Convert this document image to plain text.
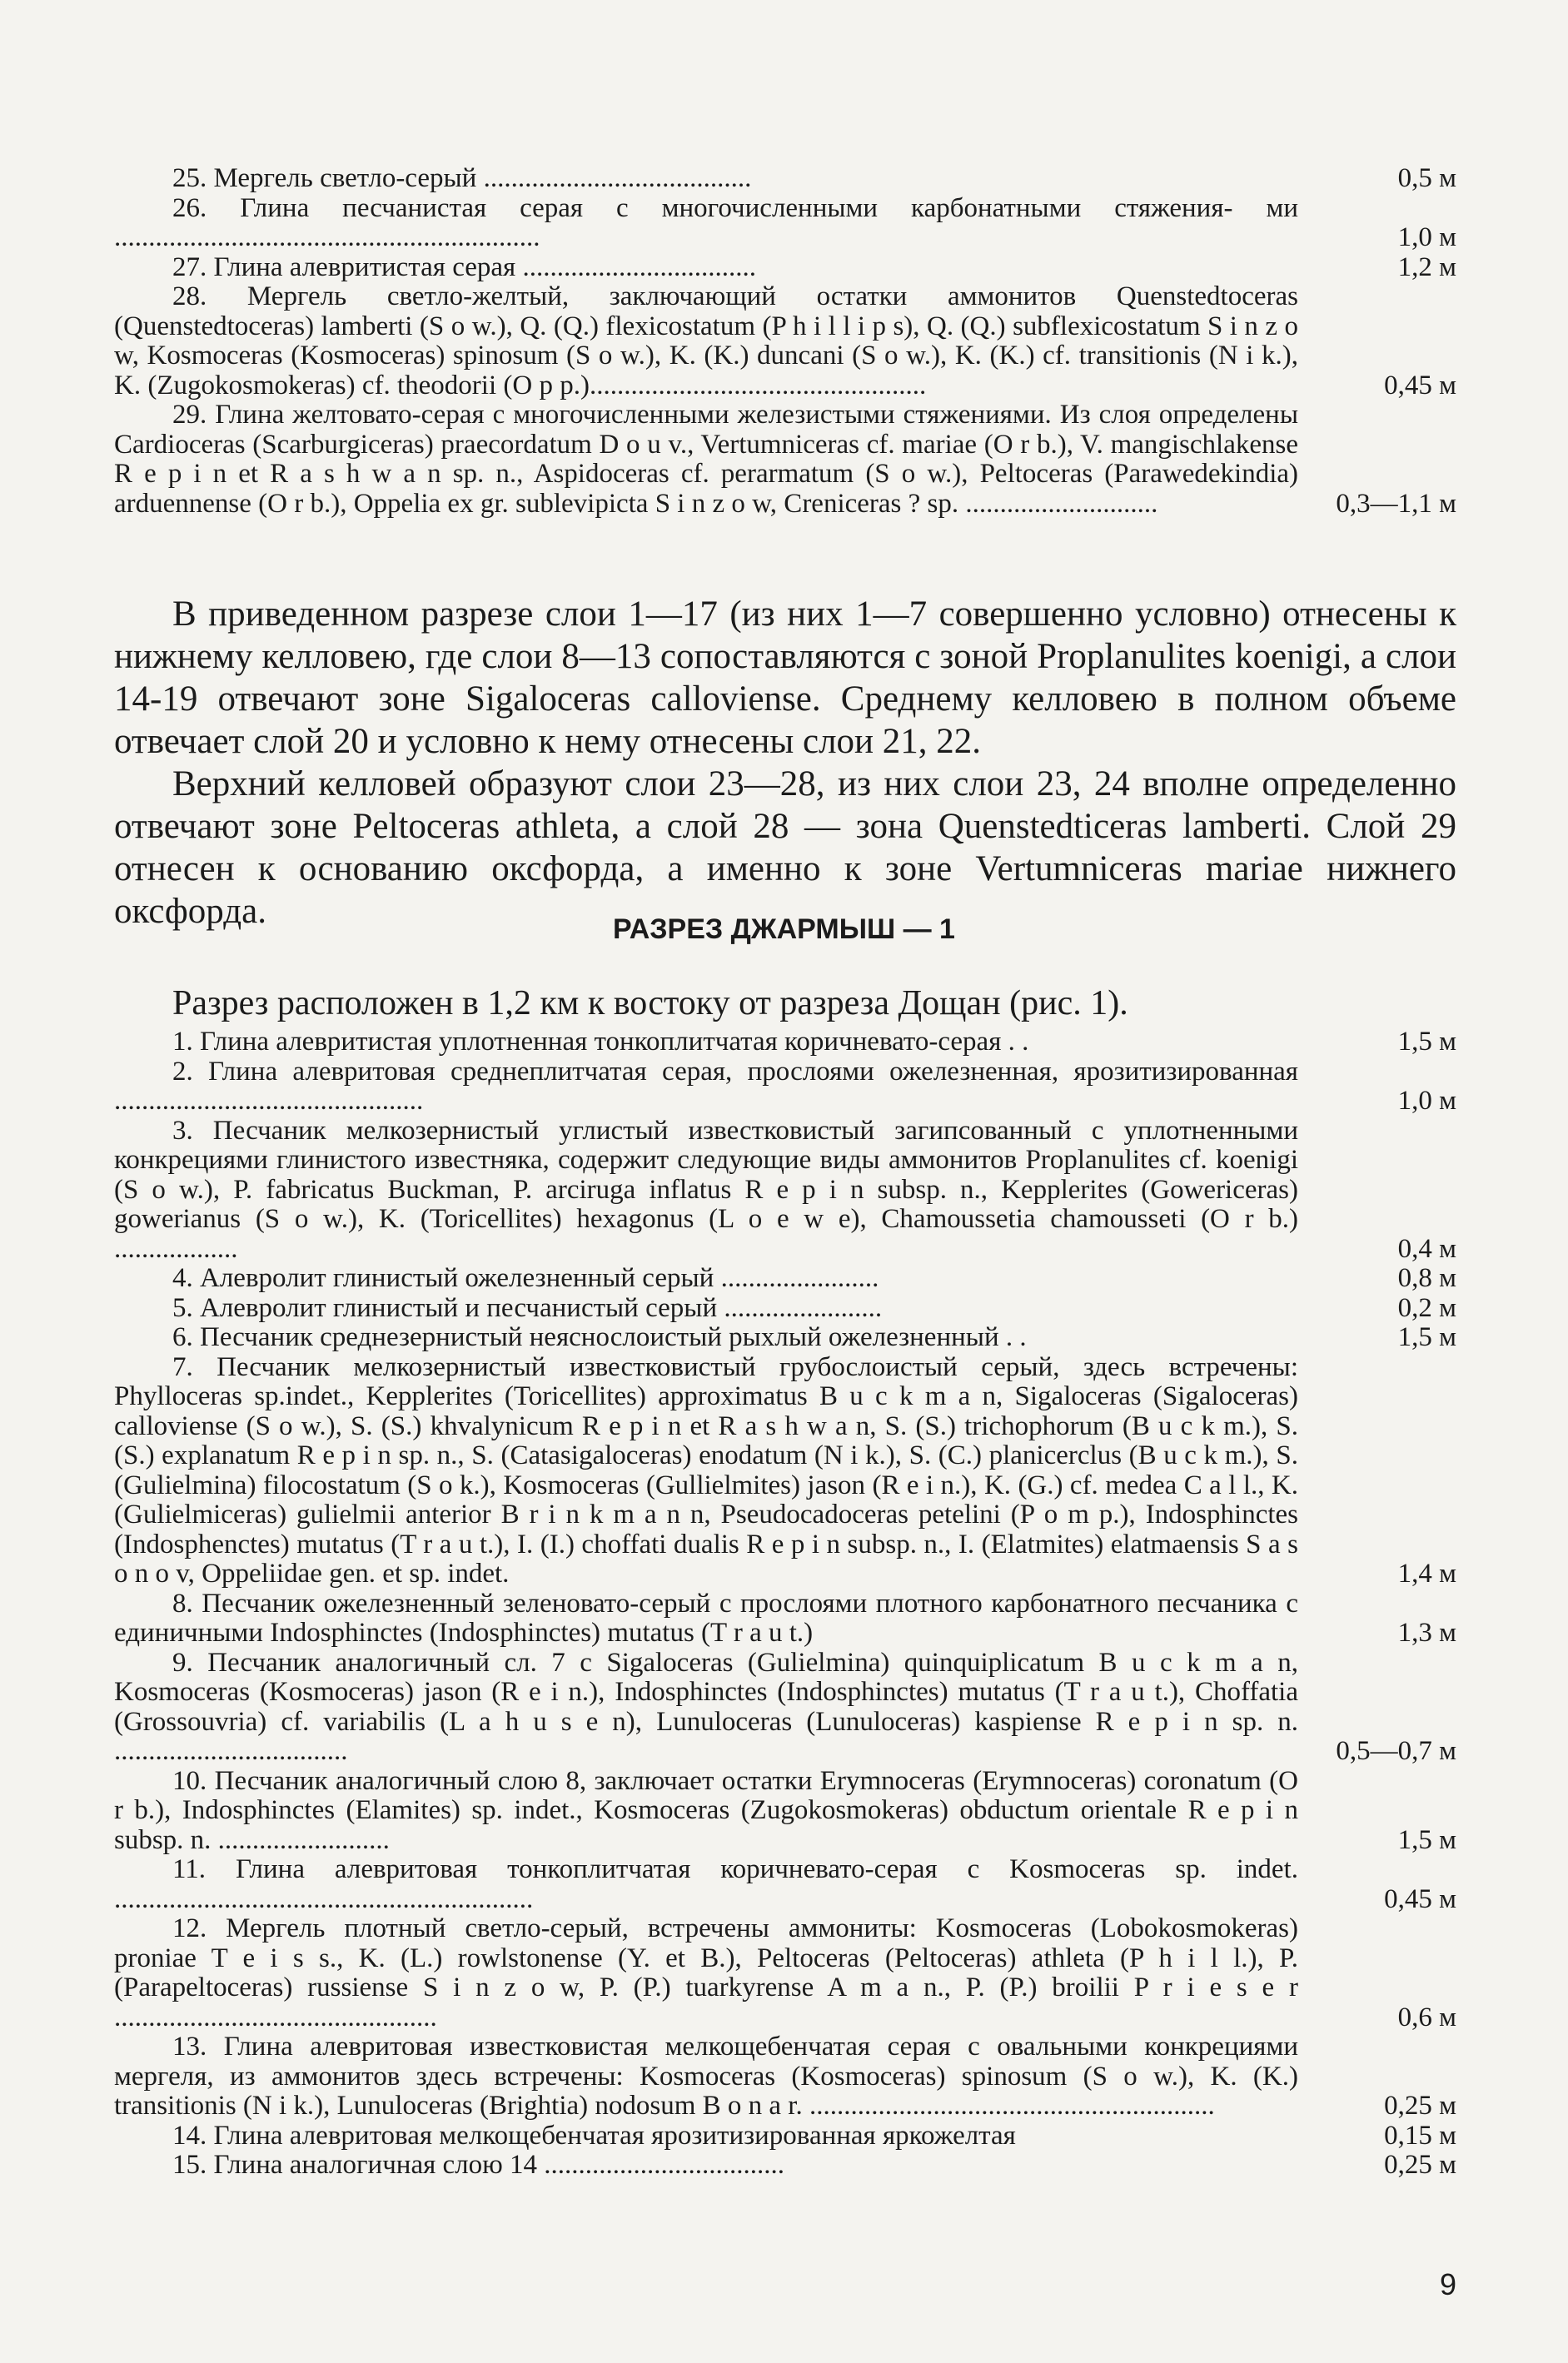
25. Мергель светло-серый .......................................	0,5 м
26. Глина песчанистая серая с многочисленными карбонатными стяжения- ми ..............................................................	1,0 м
27. Глина алевритистая серая ..................................	1,2 м
28. Мергель светло-желтый, заключающий остатки аммонитов Quenstedtoceras (Quenstedtoceras) lamberti (S o w.), Q. (Q.) flexicostatum (P h i l l i p s), Q. (Q.) subflexicostatum S i n z o w, Kosmoceras (Kosmoceras) spinosum (S o w.), K. (K.) duncani (S o w.), K. (K.) cf. transitionis (N i k.), K. (Zugokosmokeras) cf. theodorii (O p p.).................................................	0,45 м
29. Глина желтовато-серая с многочисленными железистыми стяжениями. Из слоя определены Cardioceras (Scarburgiceras) praecordatum D o u v., Vertumniceras cf. mariae (O r b.), V. mangischlakense R e p i n et R a s h w a n sp. n., Aspidoceras cf. perarmatum (S o w.), Peltoceras (Parawedekindia) arduennense (O r b.), Oppelia ex gr. sublevipicta S i n z o w, Creniceras ? sp. ............................	0,3—1,1 м

В приведенном разрезе слои 1—17 (из них 1—7 совершенно условно) отнесены к нижнему келловею, где слои 8—13 сопоставляются с зоной Proplanulites koenigi, а слои 14-19 отвечают зоне Sigaloceras calloviense. Среднему келловею в полном объеме отвечает слой 20 и условно к нему отнесены слои 21, 22.

Верхний келловей образуют слои 23—28, из них слои 23, 24 вполне определенно отвечают зоне Peltoceras athleta, а слой 28 — зона Quenstedticeras lamberti. Слой 29 отнесен к основанию оксфорда, а именно к зоне Vertumniceras mariae нижнего оксфорда.	РАЗРЕЗ ДЖАРМЫШ — 1
Разрез расположен в 1,2 км к востоку от разреза Дощан (рис. 1).
1. Глина алевритистая уплотненная тонкоплитчатая коричневато-серая . .	1,5 м
2. Глина алевритовая среднеплитчатая серая, прослоями ожелезненная, ярозитизированная .............................................	1,0 м
3. Песчаник мелкозернистый углистый известковистый загипсованный с уплотненными конкрециями глинистого известняка, содержит следующие виды аммонитов Proplanulites cf. koenigi (S o w.), P. fabricatus Buckman, P. arciruga inflatus R e p i n subsp. n., Kepplerites (Gowericeras) gowerianus (S o w.), K. (Toricellites) hexagonus (L o e w e), Chamoussetia chamousseti (O r b.) ..................	0,4 м
4. Алевролит глинистый ожелезненный серый .......................	0,8 м
5. Алевролит глинистый и песчанистый серый .......................	0,2 м
6. Песчаник среднезернистый неяснослоистый рыхлый ожелезненный . .	1,5 м
7. Песчаник мелкозернистый известковистый грубослоистый серый, здесь встречены: Phylloceras sp.indet., Kepplerites (Toricellites) approximatus B u c k m a n, Sigaloceras (Sigaloceras) calloviense (S o w.), S. (S.) khvalynicum R e p i n et R a s h w a n, S. (S.) trichophorum (B u c k m.), S. (S.) explanatum R e p i n sp. n., S. (Catasigaloceras) enodatum (N i k.), S. (C.) planicerclus (B u c k m.), S. (Gulielmina) filocostatum (S o k.), Kosmoceras (Gullielmites) jason (R e i n.), K. (G.) cf. medea C a l l., K. (Gulielmiceras) gulielmii anterior B r i n k m a n n, Pseudocadoceras petelini (P o m p.), Indosphinctes (Indosphenctes) mutatus (T r a u t.), I. (I.) choffati dualis R e p i n subsp. n., I. (Elatmites) elatmaensis S a s o n o v, Oppeliidae gen. et sp. indet.	1,4 м
8. Песчаник ожелезненный зеленовато-серый с прослоями плотного карбонатного песчаника с единичными Indosphinctes (Indosphinctes) mutatus (T r a u t.)	1,3 м
9. Песчаник аналогичный сл. 7 с Sigaloceras (Gulielmina) quinquiplicatum B u c k m a n, Kosmoceras (Kosmoceras) jason (R e i n.), Indosphinctes (Indosphinctes) mutatus (T r a u t.), Choffatia (Grossouvria) cf. variabilis (L a h u s e n), Lunuloceras (Lunuloceras) kaspiense R e p i n sp. n. ..................................	0,5—0,7 м
10. Песчаник аналогичный слою 8, заключает остатки Erymnoceras (Erymnoceras) coronatum (O r b.), Indosphinctes (Elamites) sp. indet., Kosmoceras (Zugokosmokeras) obductum orientale R e p i n subsp. n. .........................	1,5 м
11. Глина алевритовая тонкоплитчатая коричневато-серая с Kosmoceras sp. indet. .............................................................	0,45 м
12. Мергель плотный светло-серый, встречены аммониты: Kosmoceras (Lobokosmokeras) proniae T e i s s., K. (L.) rowlstonense (Y. et B.), Peltoceras (Peltoceras) athleta (P h i l l.), P. (Parapeltoceras) russiense S i n z o w, P. (P.) tuarkyrense A m a n., P. (P.) broilii P r i e s e r ...............................................	0,6 м
13. Глина алевритовая известковистая мелкощебенчатая серая с овальными конкрециями мергеля, из аммонитов здесь встречены: Kosmoceras (Kosmoceras) spinosum (S o w.), K. (K.) transitionis (N i k.), Lunuloceras (Brightia) nodosum B o n a r. ...........................................................	0,25 м
14. Глина алевритовая мелкощебенчатая ярозитизированная яркожелтая	0,15 м
15. Глина аналогичная слою 14 ...................................	0,25 м
9
